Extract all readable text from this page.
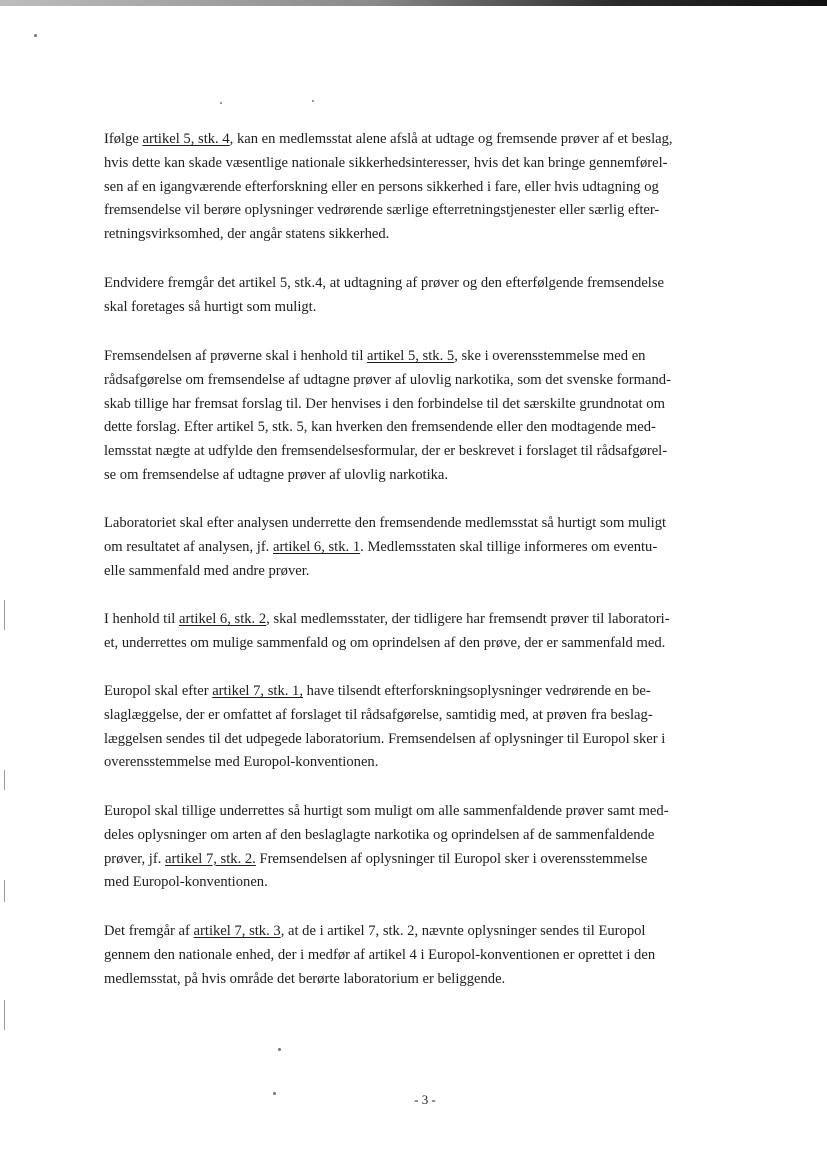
Ifølge artikel 5, stk. 4, kan en medlemsstat alene afslå at udtage og fremsende prøver af et beslag,
hvis dette kan skade væsentlige nationale sikkerhedsinteresser, hvis det kan bringe gennemførel-
sen af en igangværende efterforskning eller en persons sikkerhed i fare, eller hvis udtagning og
fremsendelse vil berøre oplysninger vedrørende særlige efterretningstjenester eller særlig efter-
retningsvirksomhed, der angår statens sikkerhed.
Endvidere fremgår det artikel 5, stk.4, at udtagning af prøver og den efterfølgende fremsendelse
skal foretages så hurtigt som muligt.
Fremsendelsen af prøverne skal i henhold til artikel 5, stk. 5, ske i overensstemmelse med en
rådsafgørelse om fremsendelse af udtagne prøver af ulovlig narkotika, som det svenske formand-
skab tillige har fremsat forslag til. Der henvises i den forbindelse til det særskilte grundnotat om
dette forslag. Efter artikel 5, stk. 5, kan hverken den fremsendende eller den modtagende med-
lemsstat nægte at udfylde den fremsendelsesformular, der er beskrevet i forslaget til rådsafgørel-
se om fremsendelse af udtagne prøver af ulovlig narkotika.
Laboratoriet skal efter analysen underrette den fremsendende medlemsstat så hurtigt som muligt
om resultatet af analysen, jf. artikel 6, stk. 1. Medlemsstaten skal tillige informeres om eventu-
elle sammenfald med andre prøver.
I henhold til artikel 6, stk. 2, skal medlemsstater, der tidligere har fremsendt prøver til laboratori-
et, underrettes om mulige sammenfald og om oprindelsen af den prøve, der er sammenfald med.
Europol skal efter artikel 7, stk. 1, have tilsendt efterforskningsoplysninger vedrørende en be-
slaglæggelse, der er omfattet af forslaget til rådsafgørelse, samtidig med, at prøven fra beslag-
læggelsen sendes til det udpegede laboratorium. Fremsendelsen af oplysninger til Europol sker i
overensstemmelse med Europol-konventionen.
Europol skal tillige underrettes så hurtigt som muligt om alle sammenfaldende prøver samt med-
deles oplysninger om arten af den beslaglagte narkotika og oprindelsen af de sammenfaldende
prøver, jf. artikel 7, stk. 2. Fremsendelsen af oplysninger til Europol sker i overensstemmelse
med Europol-konventionen.
Det fremgår af artikel 7, stk. 3, at de i artikel 7, stk. 2, nævnte oplysninger sendes til Europol
gennem den nationale enhed, der i medfør af artikel 4 i Europol-konventionen er oprettet i den
medlemsstat, på hvis område det berørte laboratorium er beliggende.
- 3 -
